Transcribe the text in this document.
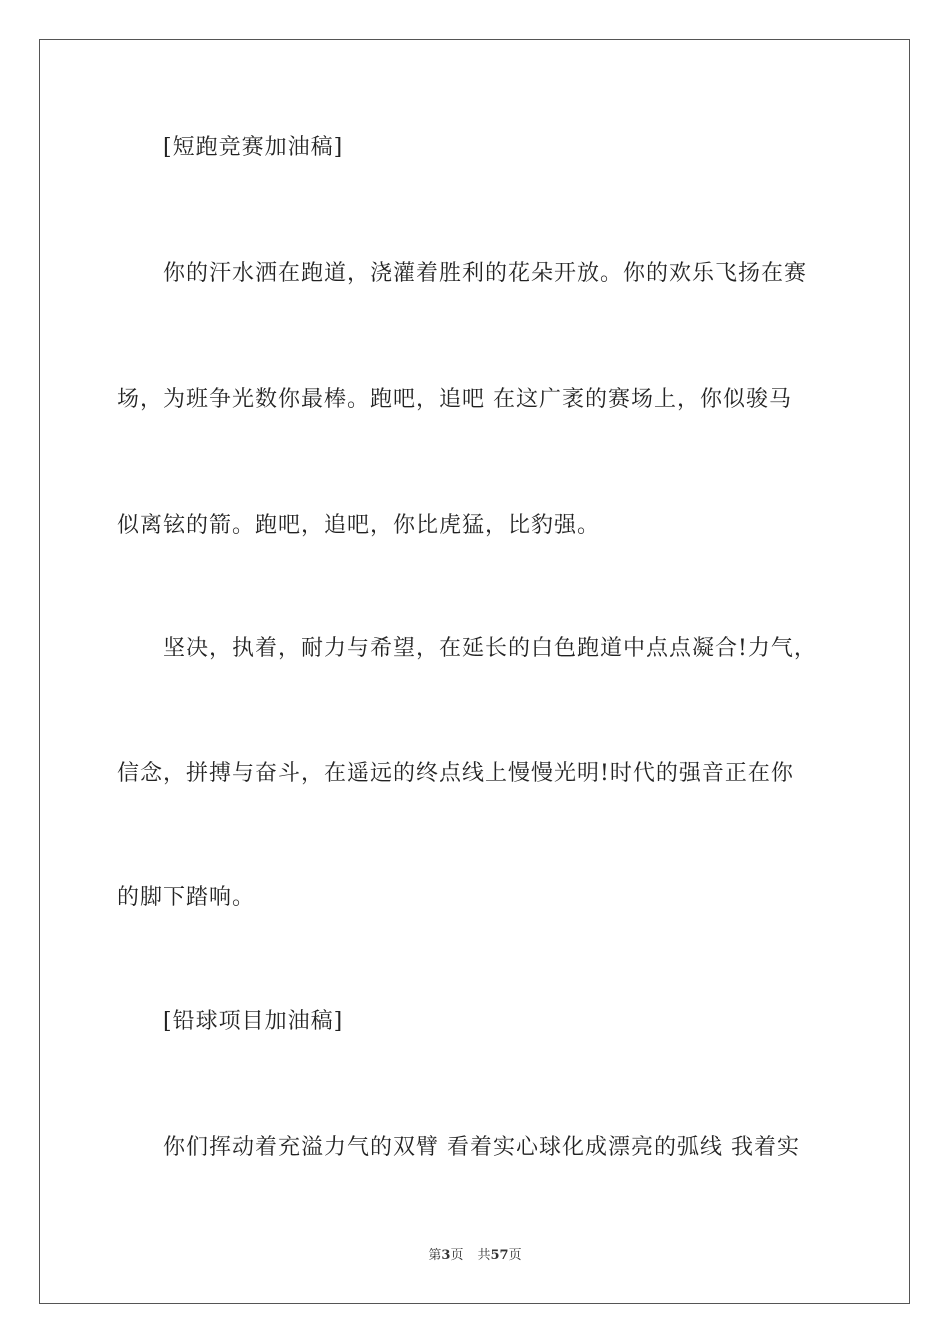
[短跑竞赛加油稿]
你的汗水洒在跑道，浇灌着胜利的花朵开放。你的欢乐飞扬在赛
场，为班争光数你最棒。跑吧，追吧 在这广袤的赛场上，你似骏马
似离铉的箭。跑吧，追吧，你比虎猛，比豹强。
坚决，执着，耐力与希望，在延长的白色跑道中点点凝合!力气，
信念，拼搏与奋斗，在遥远的终点线上慢慢光明!时代的强音正在你
的脚下踏响。
[铅球项目加油稿]
你们挥动着充溢力气的双臂 看着实心球化成漂亮的弧线 我着实
第3页 共57页
